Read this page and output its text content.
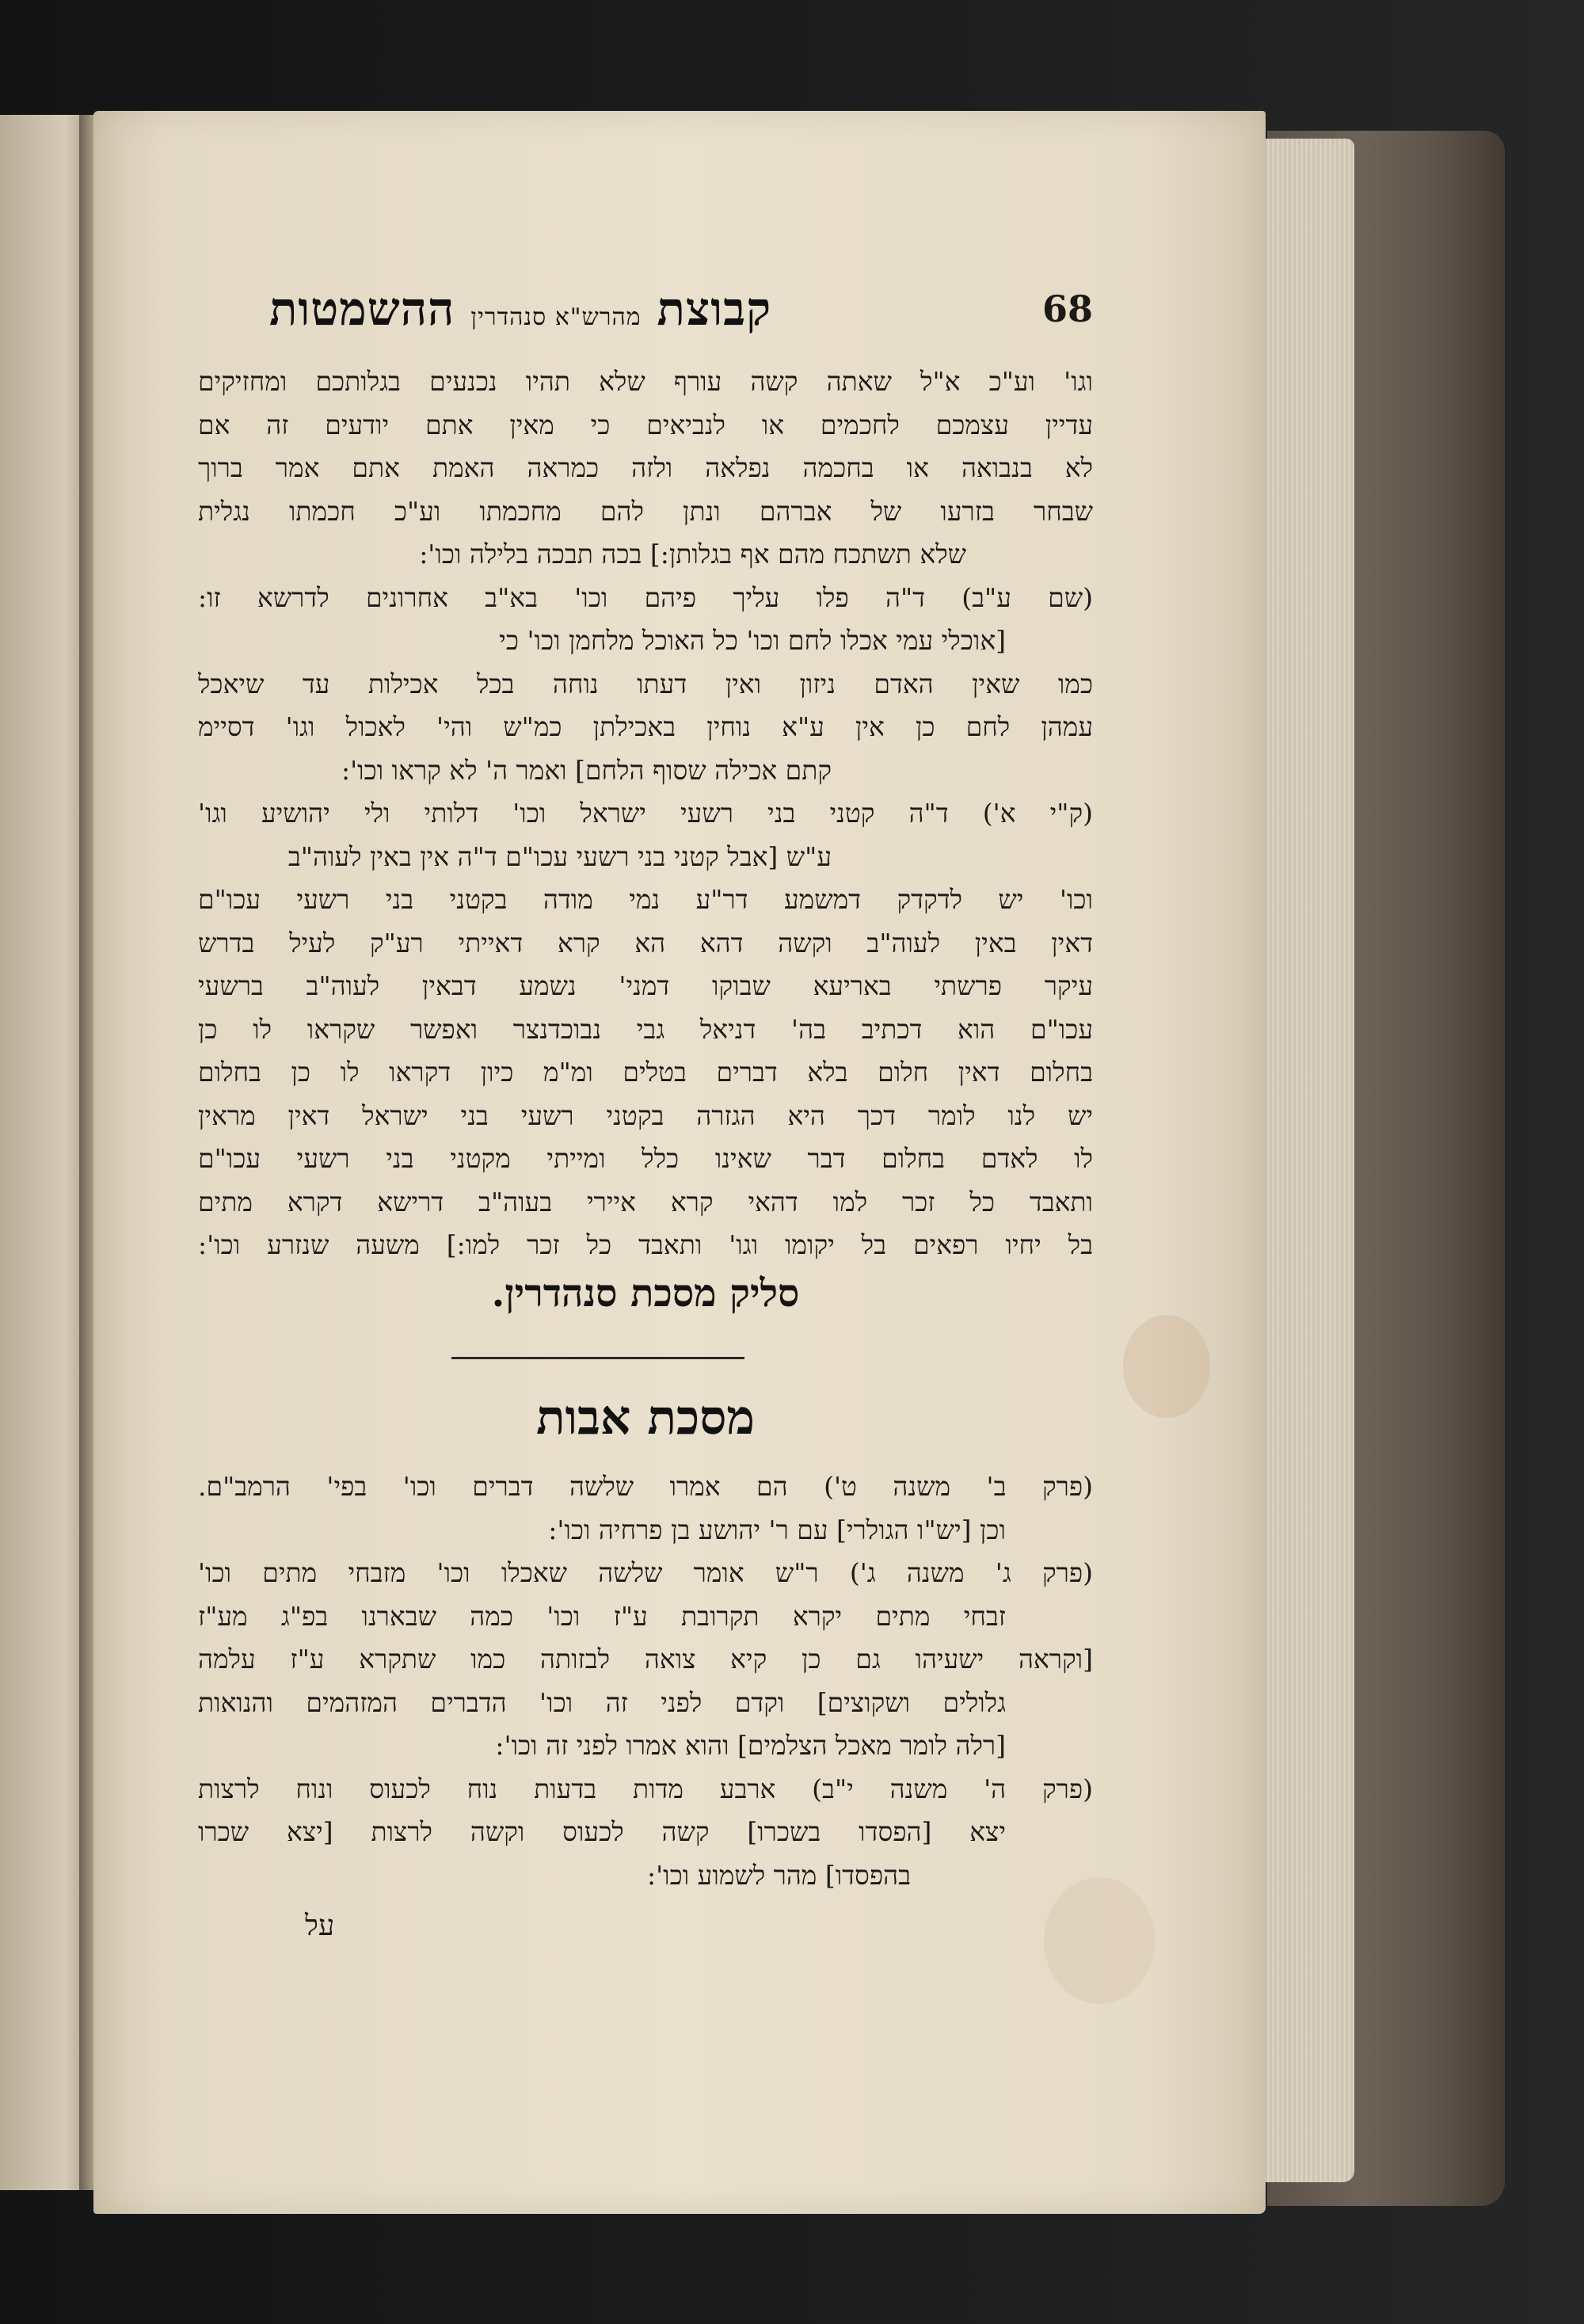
68
קבוצת
מהרש"א סנהדרין
ההשמטות
וגו' וע"כ א"ל שאתה קשה עורף שלא תהיו נכנעים בגלותכם ומחזיקים
עדיין עצמכם לחכמים או לנביאים כי מאין אתם יודעים זה אם
לא בנבואה או בחכמה נפלאה ולזה כמראה האמת אתם אמר ברוך
שבחר בזרעו של אברהם ונתן להם מחכמתו וע"כ חכמתו נגלית
שלא תשתכח מהם אף בגלותן:] בכה תבכה בלילה וכו':
(שם ע"ב) ד"ה פלו עליך פיהם וכו' בא"ב אחרונים לדרשא זו:
[אוכלי עמי אכלו לחם וכו' כל האוכל מלחמן וכו' כי
כמו שאין האדם ניזון ואין דעתו נוחה בכל אכילות עד שיאכל
עמהן לחם כן אין ע"א נוחין באכילתן כמ"ש והי' לאכול וגו' דסיימ
קתם אכילה שסוף הלחם] ואמר ה' לא קראו וכו':
(ק"י א') ד"ה קטני בני רשעי ישראל וכו' דלותי ולי יהושיע וגו'
ע"ש [אבל קטני בני רשעי עכו"ם ד"ה אין באין לעוה"ב
וכו' יש לדקדק דמשמע דר"ע נמי מודה בקטני בני רשעי עכו"ם
דאין באין לעוה"ב וקשה דהא הא קרא דאייתי רע"ק לעיל בדרש
עיקר פרשתי באריעא שבוקו דמני' נשמע דבאין לעוה"ב ברשעי
עכו"ם הוא דכתיב בה' דניאל גבי נבוכדנצר ואפשר שקראו לו כן
בחלום דאין חלום בלא דברים בטלים ומ"מ כיון דקראו לו כן בחלום
יש לנו לומר דכך היא הגזרה בקטני רשעי בני ישראל דאין מראין
לו לאדם בחלום דבר שאינו כלל ומייתי מקטני בני רשעי עכו"ם
ותאבד כל זכר למו דהאי קרא איירי בעוה"ב דרישא דקרא מתים
בל יחיו רפאים בל יקומו וגו' ותאבד כל זכר למו:] משעה שנזרע וכו':
סליק מסכת סנהדרין.
מסכת אבות
(פרק ב' משנה ט') הם אמרו שלשה דברים וכו' בפי' הרמב"ם.
וכן [יש"ו הגולרי] עם ר' יהושע בן פרחיה וכו':
(פרק ג' משנה ג') ר"ש אומר שלשה שאכלו וכו' מזבחי מתים וכו'
זבחי מתים יקרא תקרובת ע"ז וכו' כמה שבארנו בפ"ג מע"ז
[וקראה ישעיהו גם כן קיא צואה לבזותה כמו שתקרא ע"ז עלמה
גלולים ושקוצים] וקדם לפני זה וכו' הדברים המזהמים והנואות
[רלה לומר מאכל הצלמים] והוא אמרו לפני זה וכו':
(פרק ה' משנה י"ב) ארבע מדות בדעות נוח לכעוס ונוח לרצות
יצא [הפסדו בשכרו] קשה לכעוס וקשה לרצות [יצא שכרו
בהפסדו] מהר לשמוע וכו':
על
